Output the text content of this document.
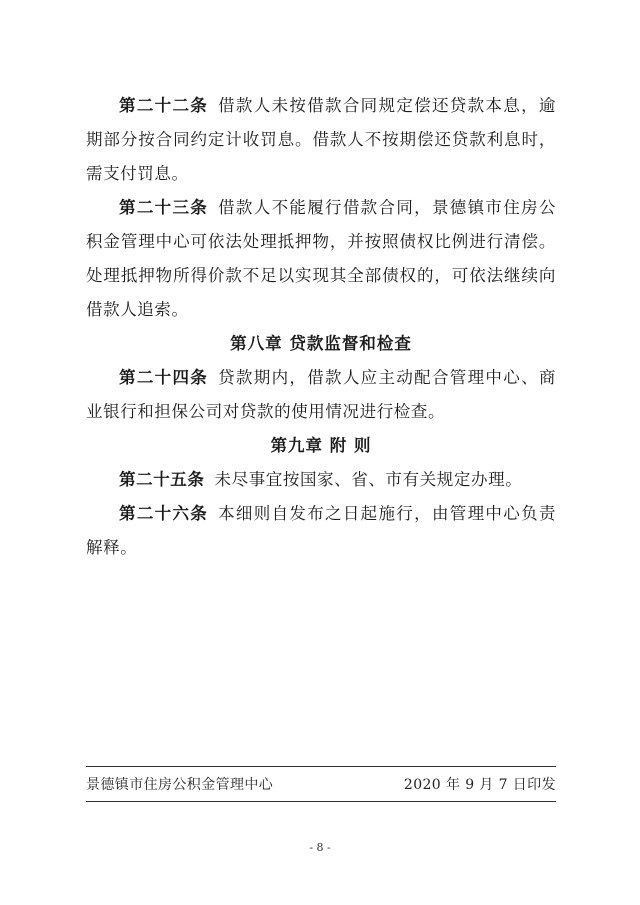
第二十二条 借款人未按借款合同规定偿还贷款本息，逾期部分按合同约定计收罚息。借款人不按期偿还贷款利息时，需支付罚息。

第二十三条 借款人不能履行借款合同，景德镇市住房公积金管理中心可依法处理抵押物，并按照债权比例进行清偿。处理抵押物所得价款不足以实现其全部债权的，可依法继续向借款人追索。

第八章 贷款监督和检查

第二十四条 贷款期内，借款人应主动配合管理中心、商业银行和担保公司对贷款的使用情况进行检查。

第九章 附 则

第二十五条 未尽事宜按国家、省、市有关规定办理。

第二十六条 本细则自发布之日起施行，由管理中心负责解释。

景德镇市住房公积金管理中心	2020 年 9 月 7 日印发
- 8 -
